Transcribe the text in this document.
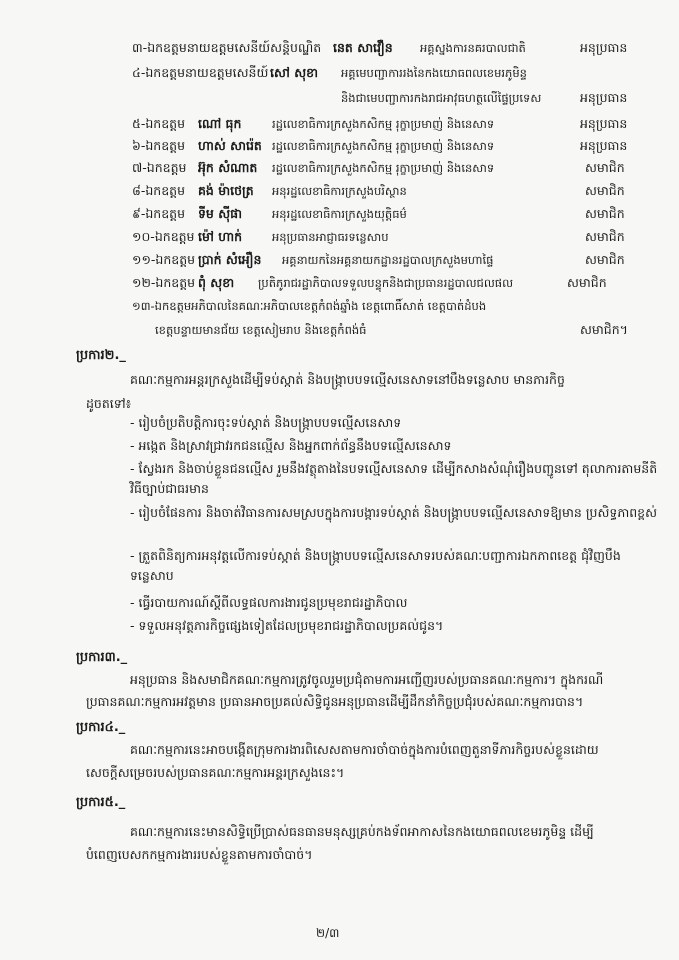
៣-ឯកឧត្តមនាយឧត្តមសេនីយ៍សន្តិបណ្ឌិត នេត សាវឿន អគ្គស្នងការនគរបាលជាតិ	អនុប្រធាន
៤-ឯកឧត្តមនាយឧត្តមសេនីយ៍ សៅ សុខា អគ្គមេបញ្ជាការរងនៃកងយោធពលខេមរភូមិន្ទ
និងជាមេបញ្ជាការកងរាជអាវុធហត្ថលើផ្ទៃប្រទេស	អនុប្រធាន
៥-ឯកឧត្តម ណៅ ធុក	រដ្ឋលេខាធិការក្រសួងកសិកម្ម រុក្ខាប្រមាញ់ និងនេសាទ	អនុប្រធាន
៦-ឯកឧត្តម ហាស់ សារ៉េត រដ្ឋលេខាធិការក្រសួងកសិកម្ម រុក្ខាប្រមាញ់ និងនេសាទ	អនុប្រធាន
៧-ឯកឧត្តម អ៊ុក សំណាត រដ្ឋលេខាធិការក្រសួងកសិកម្ម រុក្ខាប្រមាញ់ និងនេសាទ	សមាជិក
៨-ឯកឧត្តម គង់ ម៉ាថេត្រ អនុរដ្ឋលេខាធិការក្រសួងបរិស្ថាន	សមាជិក
៩-ឯកឧត្តម ទីម ស៊ីផា	អនុរដ្ឋលេខាធិការក្រសួងយុត្តិធម៌	សមាជិក
១០-ឯកឧត្តម ម៉ៅ ហាក់	អនុប្រធានអាជ្ញាធរទន្លេសាប	សមាជិក
១១-ឯកឧត្តម ប្រាក់ សំអឿន អគ្គនាយកនៃអគ្គនាយកដ្ឋានរដ្ឋបាលក្រសួងមហាផ្ទៃ	សមាជិក
១២-ឯកឧត្តម ពុំ សុខា ប្រតិភូរាជរដ្ឋាភិបាលទទួលបន្ទុកនិងជាប្រធានរដ្ឋបាលជលផល	សមាជិក
១៣-ឯកឧត្តមអភិបាលនៃគណៈអភិបាលខេត្តកំពង់ឆ្នាំង ខេត្តពោធិ៍សាត់ ខេត្តបាត់ដំបង
ខេត្តបន្ទាយមានជ័យ ខេត្តសៀមរាប និងខេត្តកំពង់ធំ	សមាជិក។
ប្រការ២._
គណៈកម្មការអន្តរក្រសួងដើម្បីទប់ស្កាត់ និងបង្ក្រាបបទល្មើសនេសាទនៅបឹងទន្លេសាប មានភារកិច្ច
ដូចតទៅ៖
- រៀបចំប្រតិបត្តិការចុះទប់ស្កាត់ និងបង្ក្រាបបទល្មើសនេសាទ
- អង្កេត និងស្រាវជ្រាវរកជនល្មើស និងអ្នកពាក់ព័ន្ធនឹងបទល្មើសនេសាទ
- ស្វែងរក និងចាប់ខ្លួនជនល្មើស រួមនឹងវត្ថុតាងនៃបទល្មើសនេសាទ ដើម្បីកសាងសំណុំរឿងបញ្ជូនទៅ តុលាការតាមនីតិវិធីច្បាប់ជាធរមាន
- រៀបចំផែនការ និងចាត់វិធានការសមស្របក្នុងការបង្ការទប់ស្កាត់ និងបង្ក្រាបបទល្មើសនេសាទឱ្យមាន ប្រសិទ្ធភាពខ្ពស់
- ត្រួតពិនិត្យការអនុវត្តលើការទប់ស្កាត់ និងបង្ក្រាបបទល្មើសនេសាទរបស់គណៈបញ្ជាការឯកភាពខេត្ត ជុំវិញបឹងទន្លេសាប
- ធ្វើរបាយការណ៍ស្តីពីលទ្ធផលការងារជូនប្រមុខរាជរដ្ឋាភិបាល
- ទទួលអនុវត្តភារកិច្ចផ្សេងទៀតដែលប្រមុខរាជរដ្ឋាភិបាលប្រគល់ជូន។
ប្រការ៣._
អនុប្រធាន និងសមាជិកគណៈកម្មការត្រូវចូលរួមប្រជុំតាមការអញ្ជើញរបស់ប្រធានគណៈកម្មការ។ ក្នុងករណី
ប្រធានគណៈកម្មការអវត្តមាន ប្រធានអាចប្រគល់សិទ្ធិជូនអនុប្រធានដើម្បីដឹកនាំកិច្ចប្រជុំរបស់គណៈកម្មការបាន។
ប្រការ៤._
គណៈកម្មការនេះអាចបង្កើតក្រុមការងារពិសេសតាមការចាំបាច់ក្នុងការបំពេញតួនាទីភារកិច្ចរបស់ខ្លួនដោយ
សេចក្តីសម្រេចរបស់ប្រធានគណៈកម្មការអន្តរក្រសួងនេះ។
ប្រការ៥._
គណៈកម្មការនេះមានសិទ្ធិប្រើប្រាស់ធនធានមនុស្សគ្រប់កងទ័ពអាកាសនៃកងយោធពលខេមរភូមិន្ទ ដើម្បី
បំពេញបេសកកម្មការងាររបស់ខ្លួនតាមការចាំបាច់។
២/៣
